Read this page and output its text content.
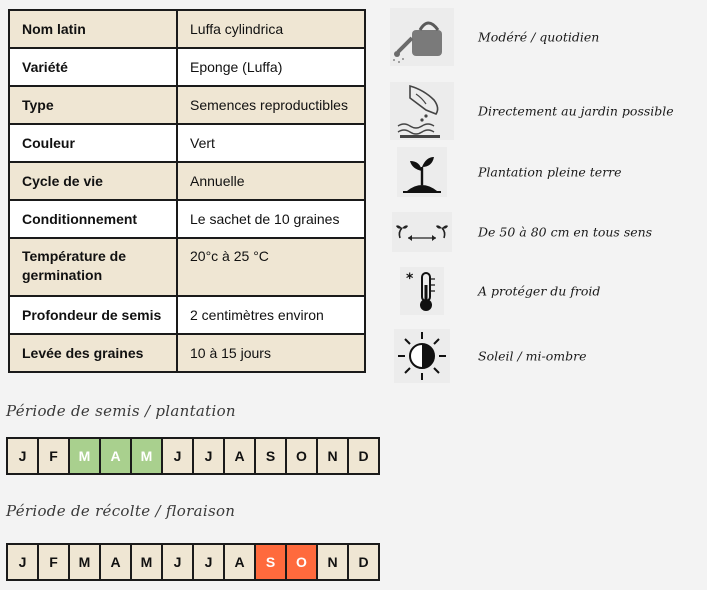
Nom latin	Luffa cylindrica
Variété	Eponge (Luffa)
Type	Semences reproductibles
Couleur	Vert
Cycle de vie	Annuelle
Conditionnement	Le sachet de 10 graines
Température de germination	20°c à 25 °C
Profondeur de semis	2 centimètres environ
Levée des graines	10 à 15 jours
Modéré / quotidien
Directement au jardin possible
Plantation pleine terre
De 50 à 80 cm en tous sens
*
A protéger du froid
Soleil / mi-ombre
Période de semis / plantation
J	F	M	A	M	J	J	A	S	O	N	D
Période de récolte / floraison
J	F	M	A	M	J	J	A	S	O	N	D
